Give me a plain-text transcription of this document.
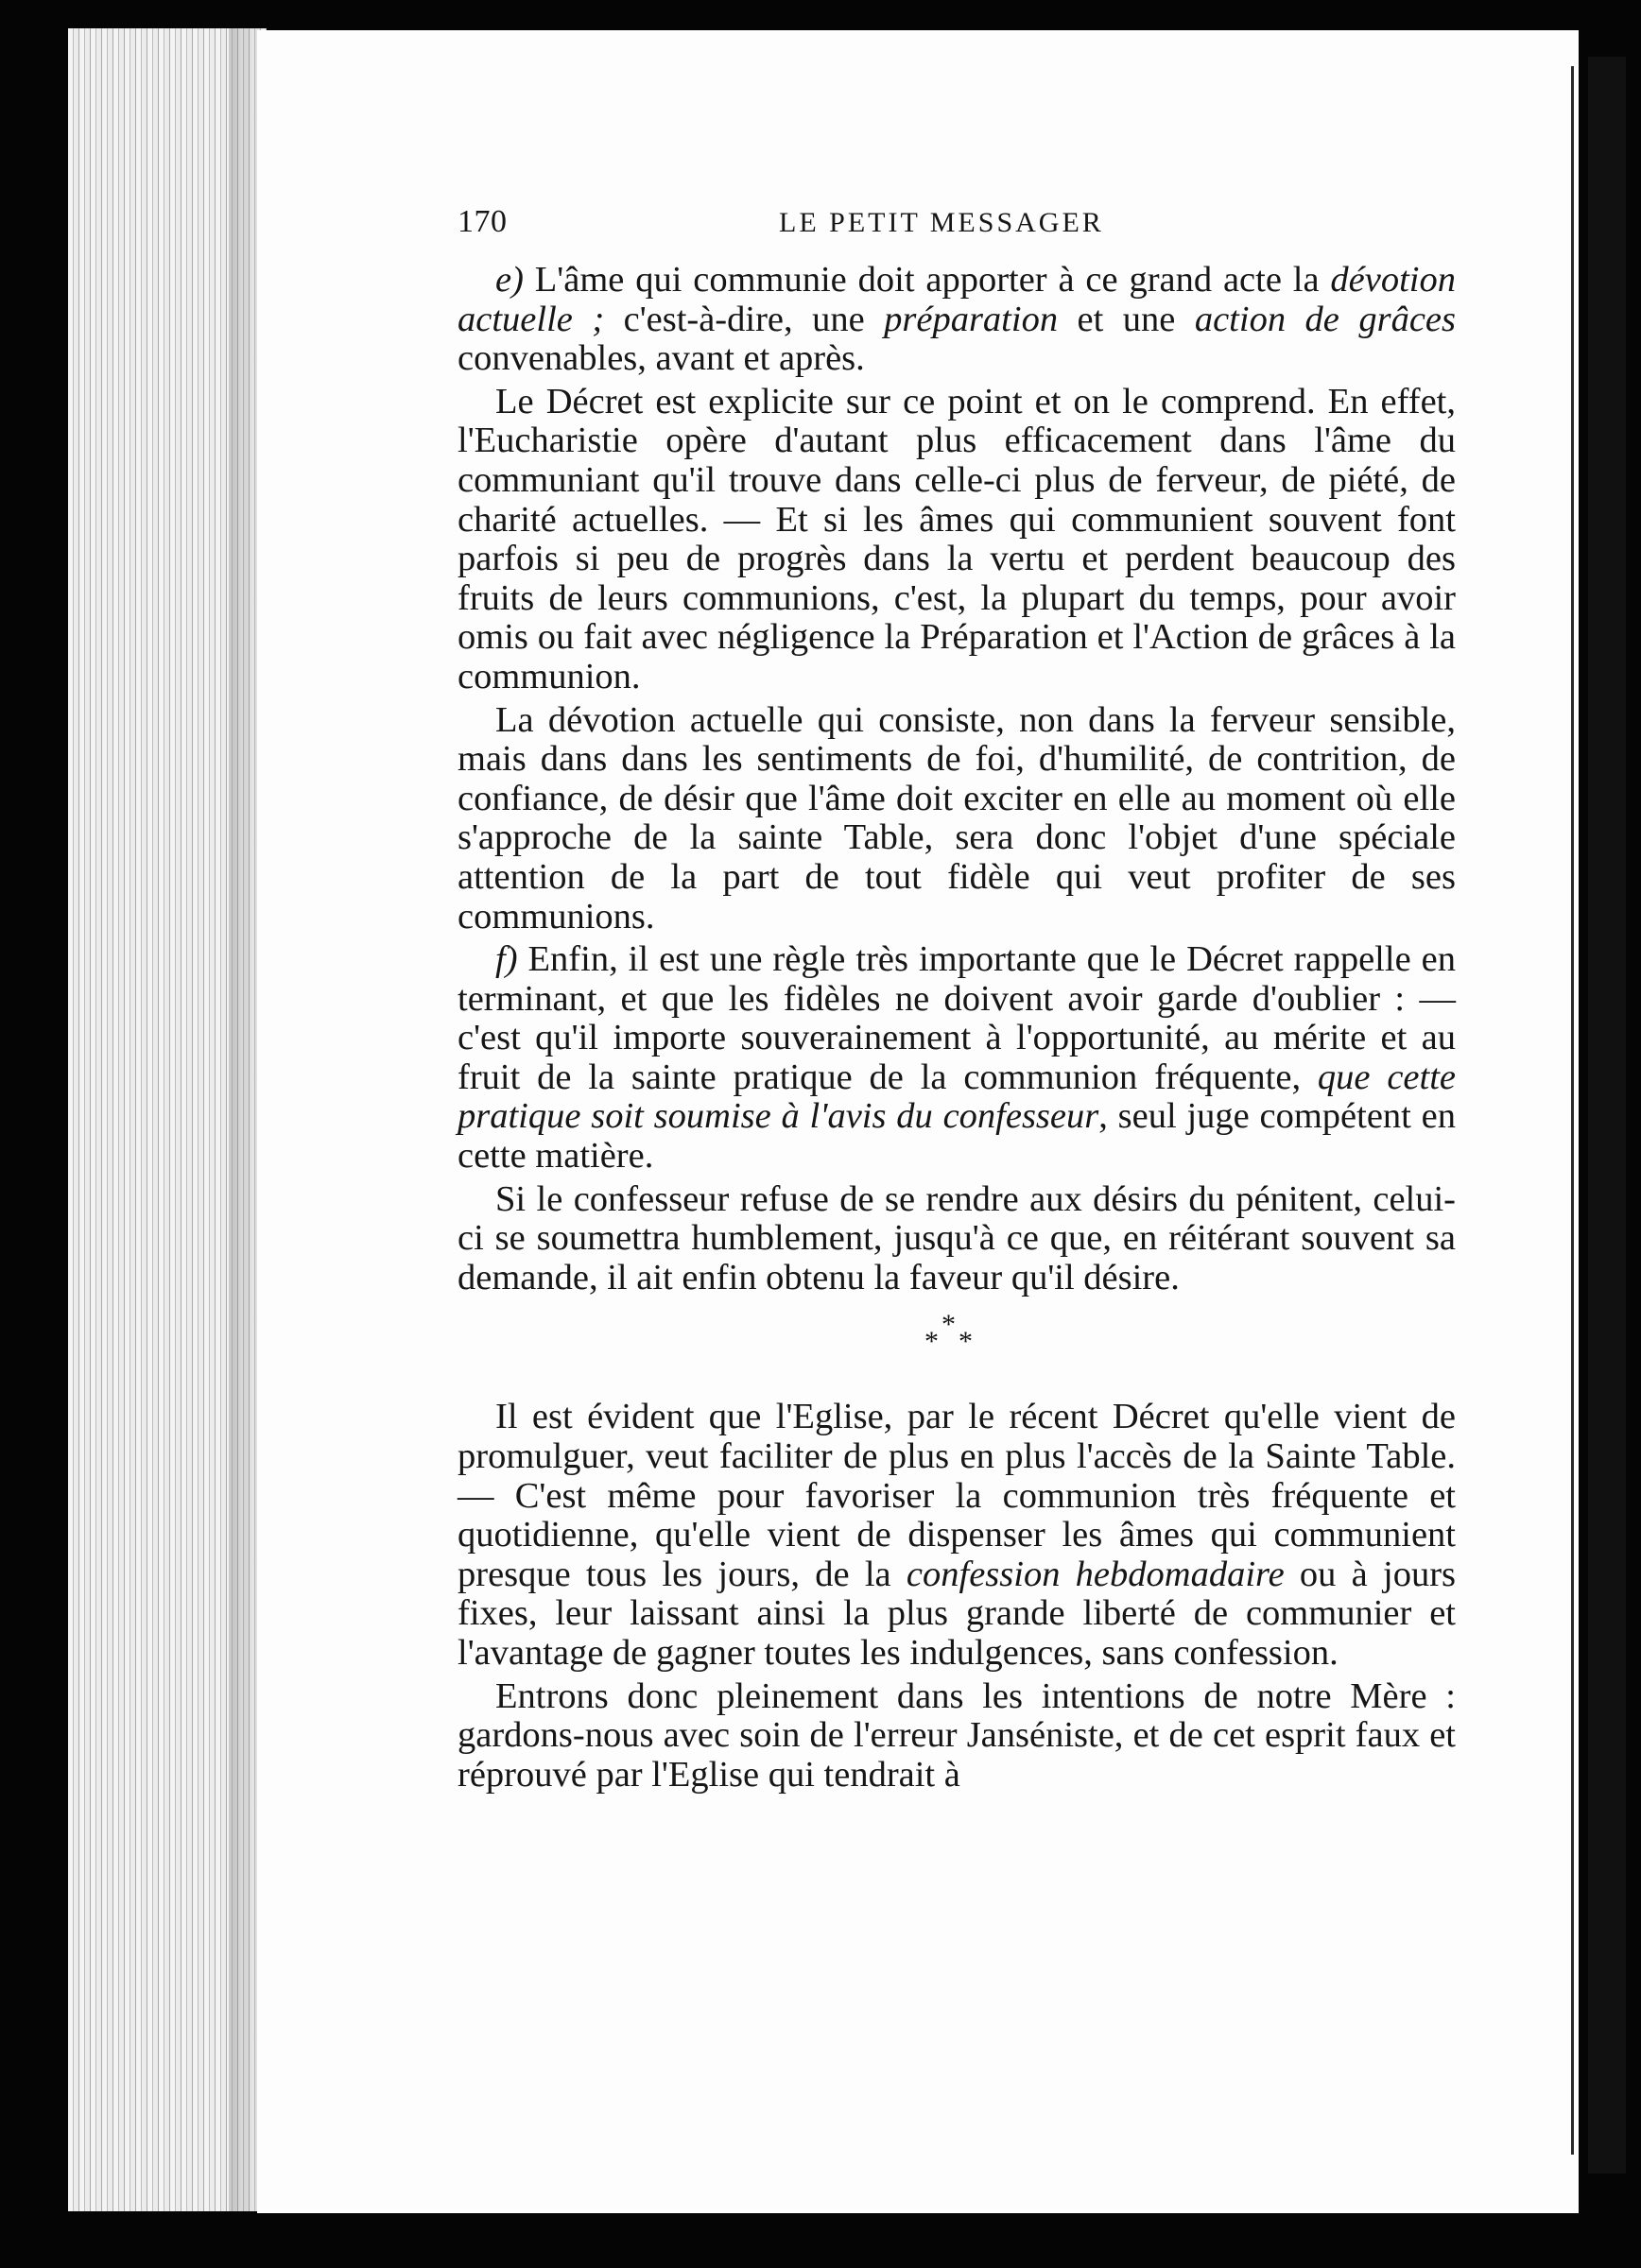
170	LE PETIT MESSAGER

e) L'âme qui communie doit apporter à ce grand acte la dévotion actuelle ; c'est-à-dire, une préparation et une action de grâces convenables, avant et après.

Le Décret est explicite sur ce point et on le comprend. En effet, l'Eucharistie opère d'autant plus efficacement dans l'âme du communiant qu'il trouve dans celle-ci plus de ferveur, de piété, de charité actuelles. — Et si les âmes qui communient souvent font parfois si peu de progrès dans la vertu et perdent beaucoup des fruits de leurs communions, c'est, la plupart du temps, pour avoir omis ou fait avec négligence la Préparation et l'Action de grâces à la communion.

La dévotion actuelle qui consiste, non dans la ferveur sensible, mais dans dans les sentiments de foi, d'humilité, de contrition, de confiance, de désir que l'âme doit exciter en elle au moment où elle s'approche de la sainte Table, sera donc l'objet d'une spéciale attention de la part de tout fidèle qui veut profiter de ses communions.

f) Enfin, il est une règle très importante que le Décret rappelle en terminant, et que les fidèles ne doivent avoir garde d'oublier : — c'est qu'il importe souverainement à l'opportunité, au mérite et au fruit de la sainte pratique de la communion fréquente, que cette pratique soit soumise à l'avis du confesseur, seul juge compétent en cette matière.

Si le confesseur refuse de se rendre aux désirs du pénitent, celui-ci se soumettra humblement, jusqu'à ce que, en réitérant souvent sa demande, il ait enfin obtenu la faveur qu'il désire.

*
* *

Il est évident que l'Eglise, par le récent Décret qu'elle vient de promulguer, veut faciliter de plus en plus l'accès de la Sainte Table. — C'est même pour favoriser la communion très fréquente et quotidienne, qu'elle vient de dispenser les âmes qui communient presque tous les jours, de la confession hebdomadaire ou à jours fixes, leur laissant ainsi la plus grande liberté de communier et l'avantage de gagner toutes les indulgences, sans confession.

Entrons donc pleinement dans les intentions de notre Mère : gardons-nous avec soin de l'erreur Janséniste, et de cet esprit faux et réprouvé par l'Eglise qui tendrait à
